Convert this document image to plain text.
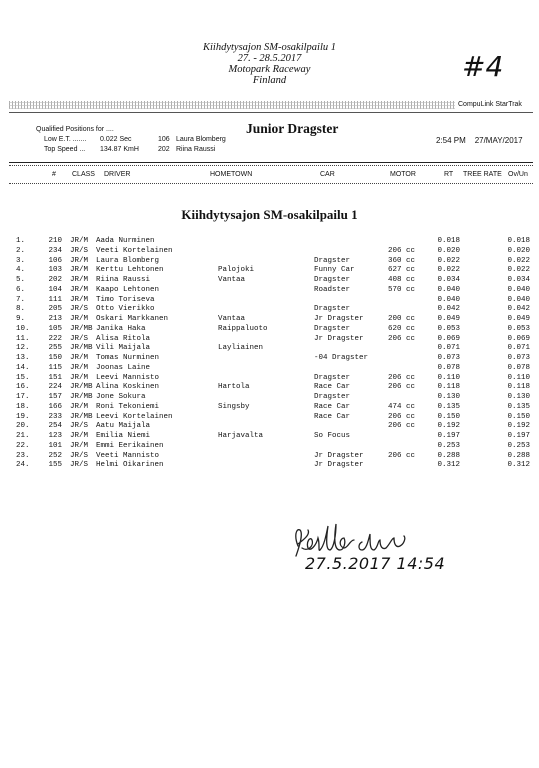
Kiihdytysajon SM-osakilpailu 1
27. - 28.5.2017
Motopark Raceway
Finland	#4
CompuLink StarTrak
Qualified Positions for ....
Low E.T. ....... 0.022 Sec	106 Laura Blomberg
Top Speed ... 134.87 KmH	202 Riina Raussi
Junior Dragster
2:54 PM 27/MAY/2017
# CLASS DRIVER	HOMETOWN	CAR	MOTOR	RT TREE RATE Ov/Un
Kiihdytysajon SM-osakilpailu 1
1.	210 JR/M	Aada Nurminen	0.018	0.018
2.	234 JR/S	Veeti Kortelainen	206 cc	0.020	0.020
3.	106 JR/M	Laura Blomberg	Dragster	360 cc	0.022	0.022
4.	103 JR/M	Kerttu Lehtonen	Palojoki	Funny Car	627 cc	0.022	0.022
5.	202 JR/M	Riina Raussi	Vantaa	Dragster	408 cc	0.034	0.034
6.	104 JR/M	Kaapo Lehtonen	Roadster	570 cc	0.040	0.040
7.	111 JR/M	Timo Toriseva	0.040	0.040
8.	205 JR/S	Otto Vierikko	Dragster	0.042	0.042
9.	213 JR/M	Oskari Markkanen	Vantaa	Jr Dragster	200 cc	0.049	0.049
10.	105 JR/MB Janika Haka	Raippaluoto	Dragster	620 cc	0.053	0.053
11.	222 JR/S	Alisa Ritola	Jr Dragster	206 cc	0.069	0.069
12.	255 JR/MB Vili Maijala	Laylіainen	0.071	0.071
13.	150 JR/M	Tomas Nurminen	-04 Dragster	0.073	0.073
14.	115 JR/M	Joonas Laine	0.078	0.078
15.	151 JR/M	Leevi Mannisto	Dragster	206 cc	0.110	0.110
16.	224 JR/MB Alina Koskinen	Hartola	Race Car	206 cc	0.118	0.118
17.	157 JR/MB Jone Sokura	Dragster	0.130	0.130
18.	166 JR/M	Roni Tekoniemi	Singsby	Race Car	474 cc	0.135	0.135
19.	233 JR/MB Leevi Kortelainen	Race Car	206 cc	0.150	0.150
20.	254 JR/S	Aatu Maijala	206 cc	0.192	0.192
21.	123 JR/M	Emilia Niemi	Harjavalta	So Focus	0.197	0.197
22.	101 JR/M	Emmi Eerikainen	0.253	0.253
23.	252 JR/S	Veeti Mannisto	Jr Dragster	206 cc	0.288	0.288
24.	155 JR/S	Helmi Oikarinen	Jr Dragster	0.312	0.312
27.5.2017 14:54
